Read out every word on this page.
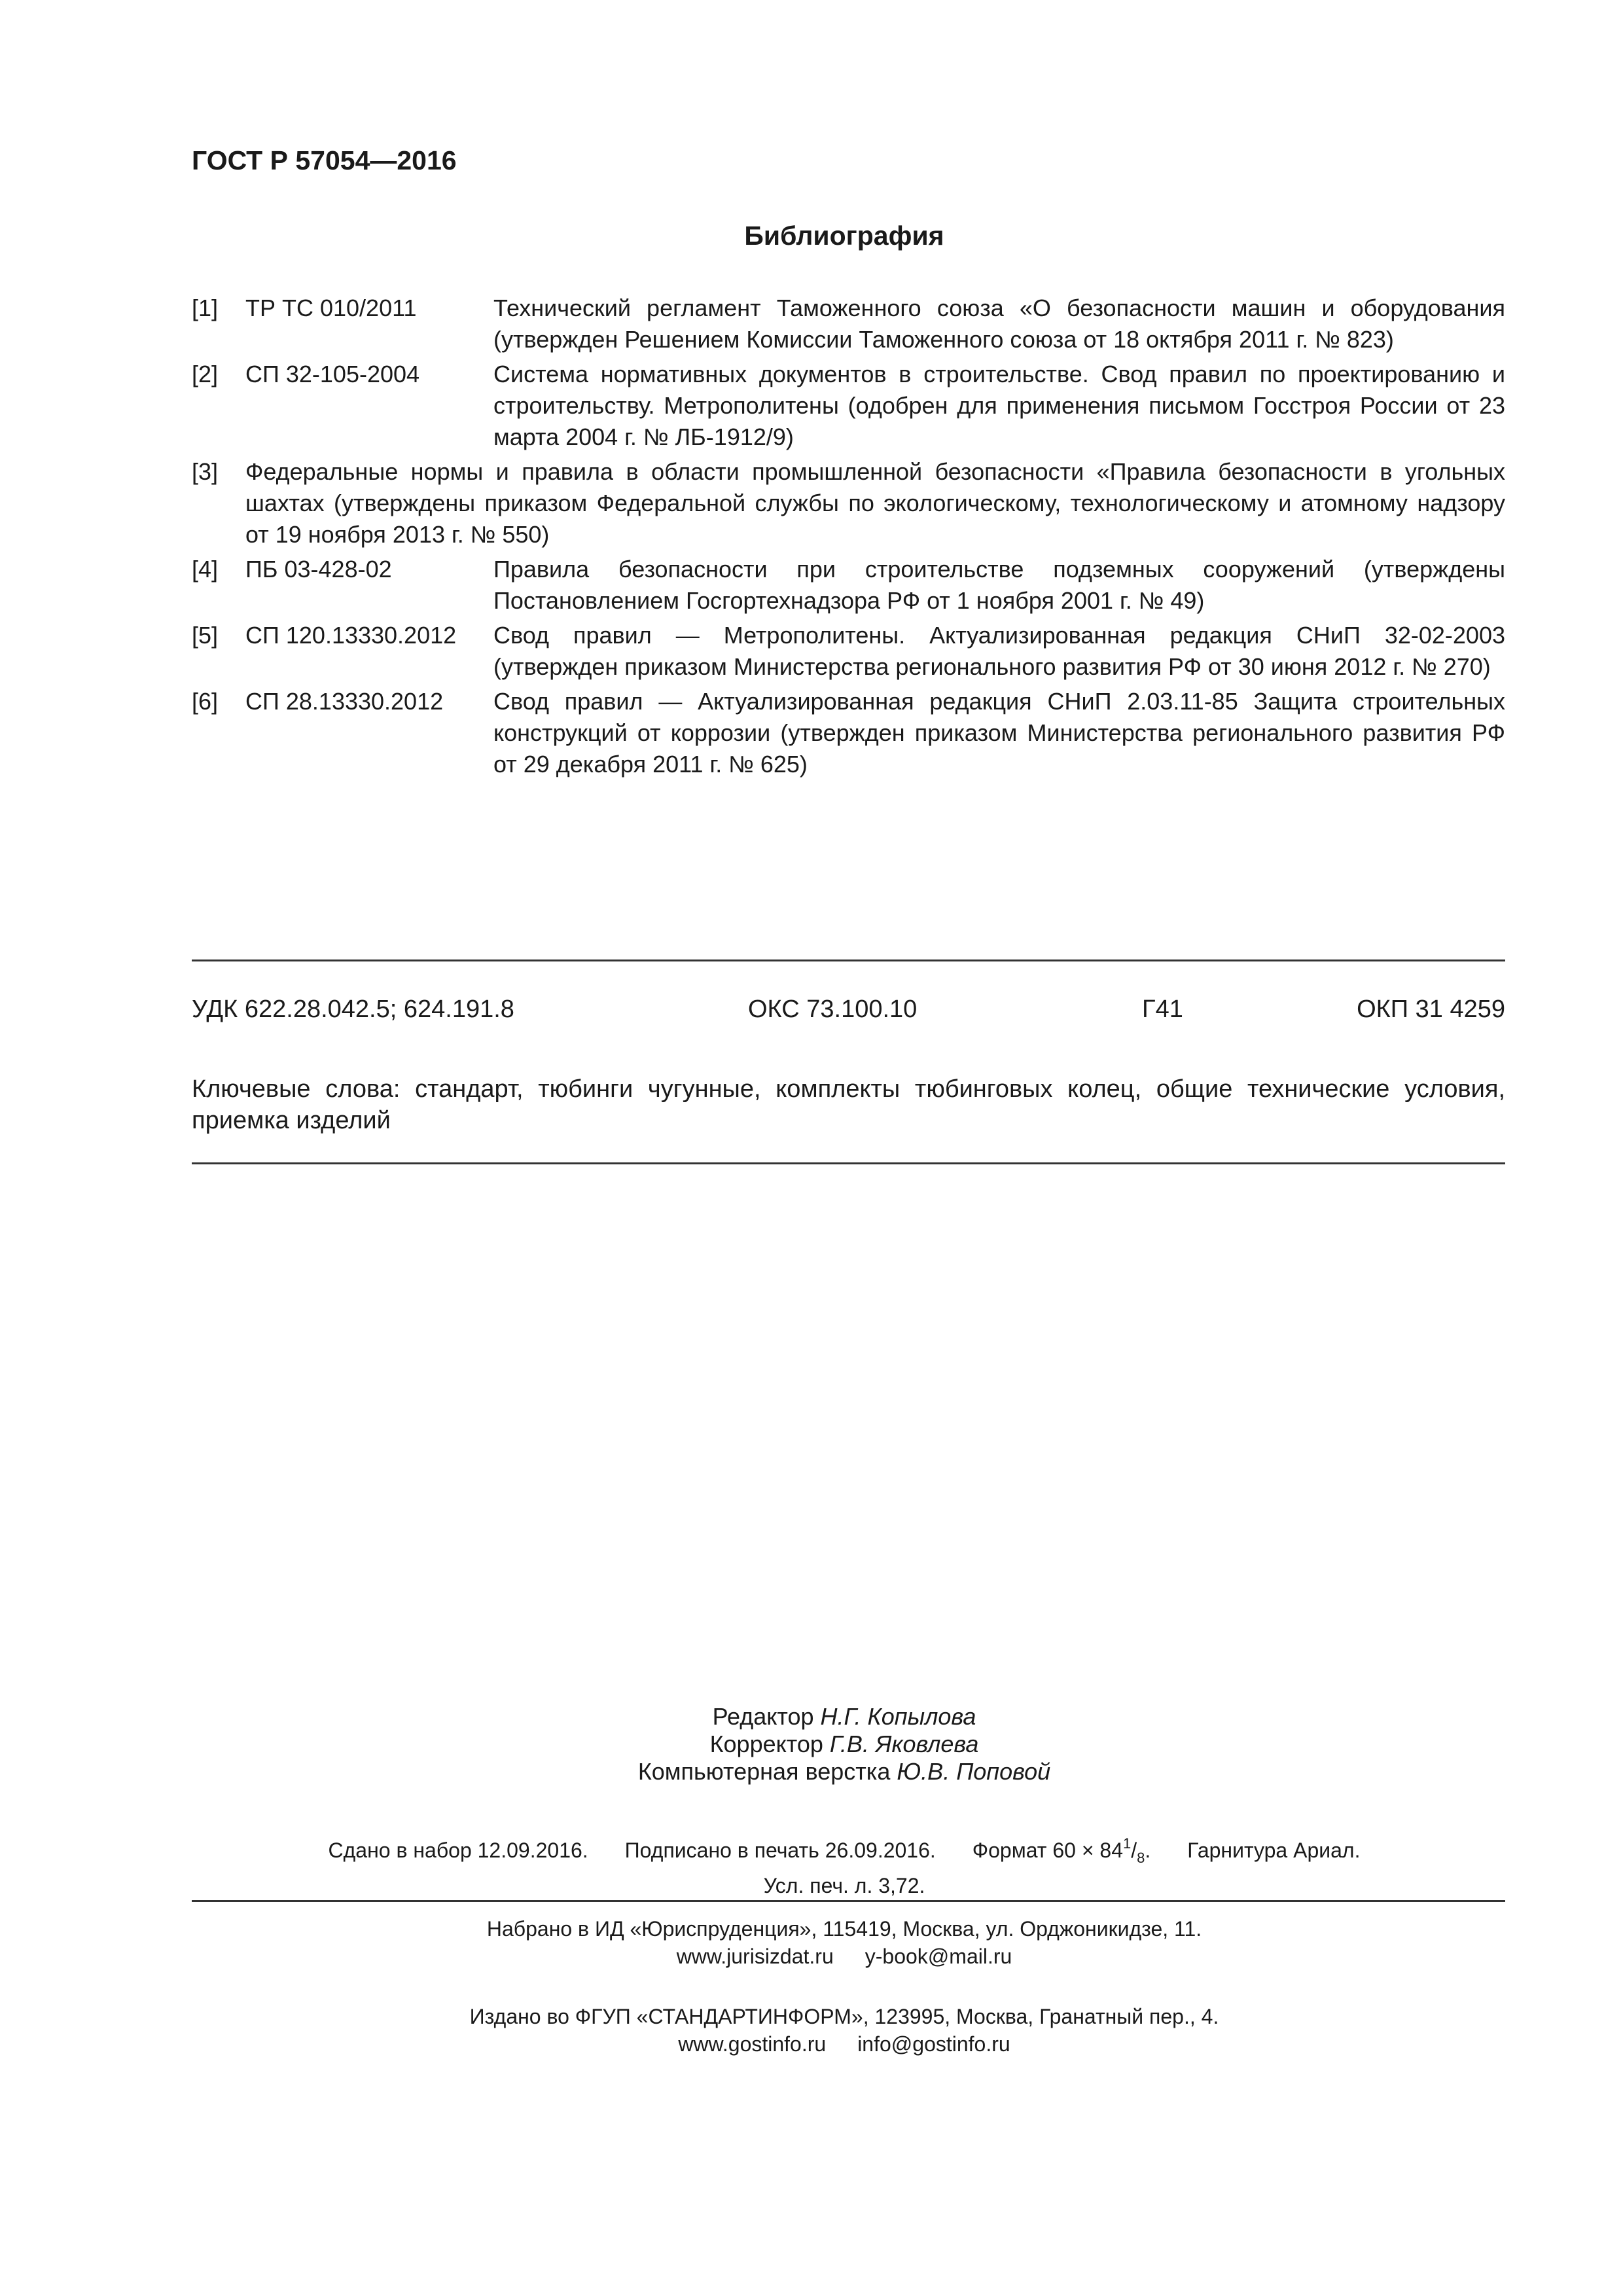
ГОСТ Р 57054—2016

Библиография
[1]	ТР ТС 010/2011	Технический регламент Таможенного союза «О безопасности машин и оборудования (утвержден Решением Комиссии Таможенного союза от 18 октября 2011 г. № 823)
[2]	СП 32-105-2004	Система нормативных документов в строительстве. Свод правил по проектированию и строительству. Метрополитены (одобрен для применения письмом Госстроя России от 23 марта 2004 г. № ЛБ-1912/9)
[3]	Федеральные нормы и правила в области промышленной безопасности «Правила безопасности в угольных шахтах (утверждены приказом Федеральной службы по экологическому, технологическому и атомному надзору от 19 ноября 2013 г. № 550)
[4]	ПБ 03-428-02	Правила безопасности при строительстве подземных сооружений (утверждены Постановлением Госгортехнадзора РФ от 1 ноября 2001 г. № 49)
[5]	СП 120.13330.2012	Свод правил — Метрополитены. Актуализированная редакция СНиП 32-02-2003 (утвержден приказом Министерства регионального развития РФ от 30 июня 2012 г. № 270)
[6]	СП 28.13330.2012	Свод правил — Актуализированная редакция СНиП 2.03.11-85 Защита строительных конструкций от коррозии (утвержден приказом Министерства регионального развития РФ от 29 декабря 2011 г. № 625)
УДК 622.28.042.5; 624.191.8	ОКС 73.100.10	Г41	ОКП 31 4259

Ключевые слова: стандарт, тюбинги чугунные, комплекты тюбинговых колец, общие технические условия, приемка изделий

Редактор Н.Г. Копылова
Корректор Г.В. Яковлева
Компьютерная верстка Ю.В. Поповой
Сдано в набор 12.09.2016. Подписано в печать 26.09.2016. Формат $60 \times 84^1/_8$. Гарнитура Ариал.
Усл. печ. л. 3,72.
Набрано в ИД «Юриспруденция», 115419, Москва, ул. Орджоникидзе, 11.
www.jurisizdat.ru y-book@mail.ru
Издано во ФГУП «СТАНДАРТИНФОРМ», 123995, Москва, Гранатный пер., 4.
www.gostinfo.ru info@gostinfo.ru
